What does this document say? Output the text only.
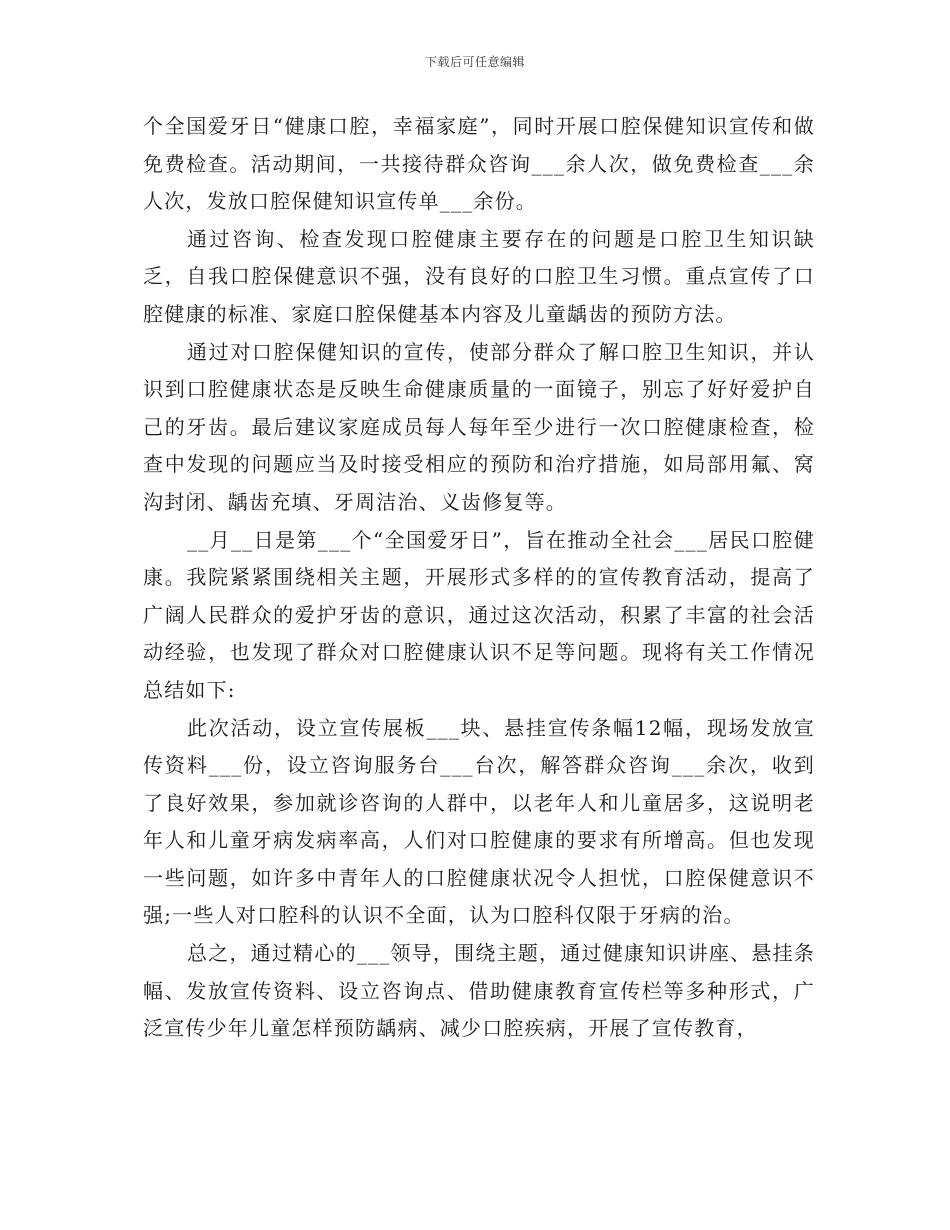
下载后可任意编辑

个全国爱牙日“健康口腔，幸福家庭”，同时开展口腔保健知识宣传和做免费检查。活动期间，一共接待群众咨询___余人次，做免费检查___余人次，发放口腔保健知识宣传单___余份。

通过咨询、检查发现口腔健康主要存在的问题是口腔卫生知识缺乏，自我口腔保健意识不强，没有良好的口腔卫生习惯。重点宣传了口腔健康的标准、家庭口腔保健基本内容及儿童龋齿的预防方法。

通过对口腔保健知识的宣传，使部分群众了解口腔卫生知识，并认识到口腔健康状态是反映生命健康质量的一面镜子，别忘了好好爱护自己的牙齿。最后建议家庭成员每人每年至少进行一次口腔健康检查，检查中发现的问题应当及时接受相应的预防和治疗措施，如局部用氟、窝沟封闭、龋齿充填、牙周洁治、义齿修复等。

__月__日是第___个“全国爱牙日”，旨在推动全社会___居民口腔健康。我院紧紧围绕相关主题，开展形式多样的的宣传教育活动，提高了广阔人民群众的爱护牙齿的意识，通过这次活动，积累了丰富的社会活动经验，也发现了群众对口腔健康认识不足等问题。现将有关工作情况总结如下:

此次活动，设立宣传展板___块、悬挂宣传条幅12幅，现场发放宣传资料___份，设立咨询服务台___台次，解答群众咨询___余次，收到了良好效果，参加就诊咨询的人群中，以老年人和儿童居多，这说明老年人和儿童牙病发病率高，人们对口腔健康的要求有所增高。但也发现一些问题，如许多中青年人的口腔健康状况令人担忧，口腔保健意识不强;一些人对口腔科的认识不全面，认为口腔科仅限于牙病的治。

总之，通过精心的___领导，围绕主题，通过健康知识讲座、悬挂条幅、发放宣传资料、设立咨询点、借助健康教育宣传栏等多种形式，广泛宣传少年儿童怎样预防龋病、减少口腔疾病，开展了宣传教育，
